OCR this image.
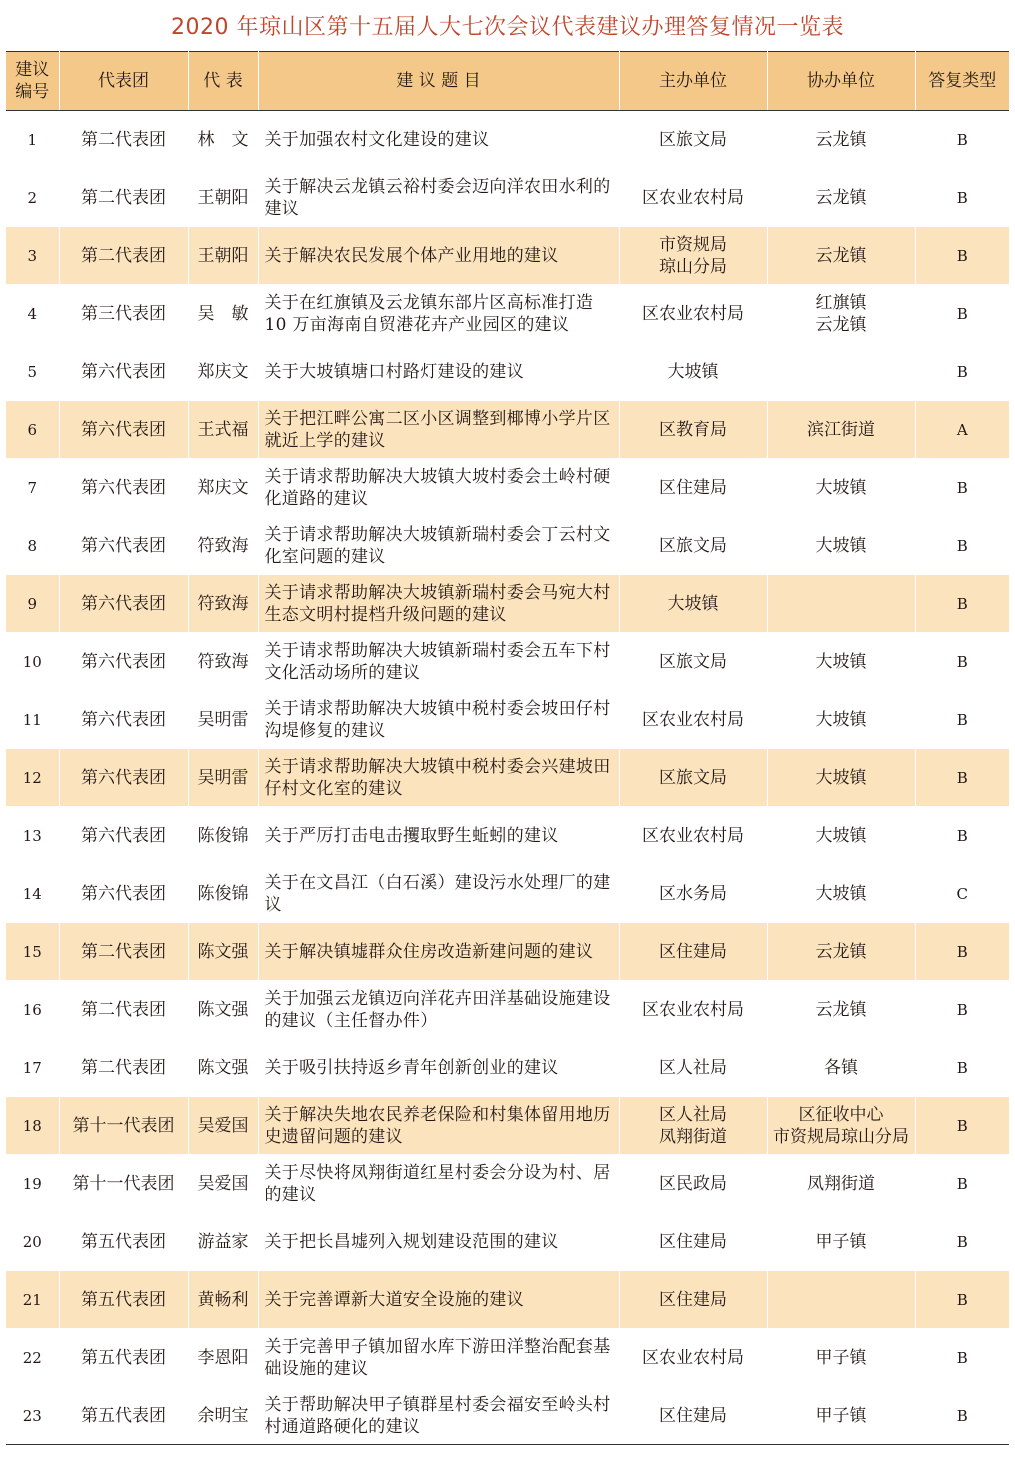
2020 年琼山区第十五届人大七次会议代表建议办理答复情况一览表
建议
编号	代表团	代 表	建 议 题 目	主办单位	协办单位	答复类型
1	第二代表团	林　文	关于加强农村文化建设的建议	区旅文局	云龙镇	B
2	第二代表团	王朝阳	关于解决云龙镇云裕村委会迈向洋农田水利的建议	区农业农村局	云龙镇	B
3	第二代表团	王朝阳	关于解决农民发展个体产业用地的建议	市资规局
琼山分局	云龙镇	B
4	第三代表团	吴　敏	关于在红旗镇及云龙镇东部片区高标准打造 10 万亩海南自贸港花卉产业园区的建议	区农业农村局	红旗镇
云龙镇	B
5	第六代表团	郑庆文	关于大坡镇塘口村路灯建设的建议	大坡镇		B
6	第六代表团	王式福	关于把江畔公寓二区小区调整到椰博小学片区就近上学的建议	区教育局	滨江街道	A
7	第六代表团	郑庆文	关于请求帮助解决大坡镇大坡村委会土岭村硬化道路的建议	区住建局	大坡镇	B
8	第六代表团	符致海	关于请求帮助解决大坡镇新瑞村委会丁云村文化室问题的建议	区旅文局	大坡镇	B
9	第六代表团	符致海	关于请求帮助解决大坡镇新瑞村委会马宛大村生态文明村提档升级问题的建议	大坡镇		B
10	第六代表团	符致海	关于请求帮助解决大坡镇新瑞村委会五车下村文化活动场所的建议	区旅文局	大坡镇	B
11	第六代表团	吴明雷	关于请求帮助解决大坡镇中税村委会坡田仔村沟堤修复的建议	区农业农村局	大坡镇	B
12	第六代表团	吴明雷	关于请求帮助解决大坡镇中税村委会兴建坡田仔村文化室的建议	区旅文局	大坡镇	B
13	第六代表团	陈俊锦	关于严厉打击电击攫取野生蚯蚓的建议	区农业农村局	大坡镇	B
14	第六代表团	陈俊锦	关于在文昌江（白石溪）建设污水处理厂的建议	区水务局	大坡镇	C
15	第二代表团	陈文强	关于解决镇墟群众住房改造新建问题的建议	区住建局	云龙镇	B
16	第二代表团	陈文强	关于加强云龙镇迈向洋花卉田洋基础设施建设的建议（主任督办件）	区农业农村局	云龙镇	B
17	第二代表团	陈文强	关于吸引扶持返乡青年创新创业的建议	区人社局	各镇	B
18	第十一代表团	吴爱国	关于解决失地农民养老保险和村集体留用地历史遗留问题的建议	区人社局
凤翔街道	区征收中心
市资规局琼山分局	B
19	第十一代表团	吴爱国	关于尽快将凤翔街道红星村委会分设为村、居的建议	区民政局	凤翔街道	B
20	第五代表团	游益家	关于把长昌墟列入规划建设范围的建议	区住建局	甲子镇	B
21	第五代表团	黄畅利	关于完善谭新大道安全设施的建议	区住建局		B
22	第五代表团	李恩阳	关于完善甲子镇加留水库下游田洋整治配套基础设施的建议	区农业农村局	甲子镇	B
23	第五代表团	余明宝	关于帮助解决甲子镇群星村委会福安至岭头村村通道路硬化的建议	区住建局	甲子镇	B
